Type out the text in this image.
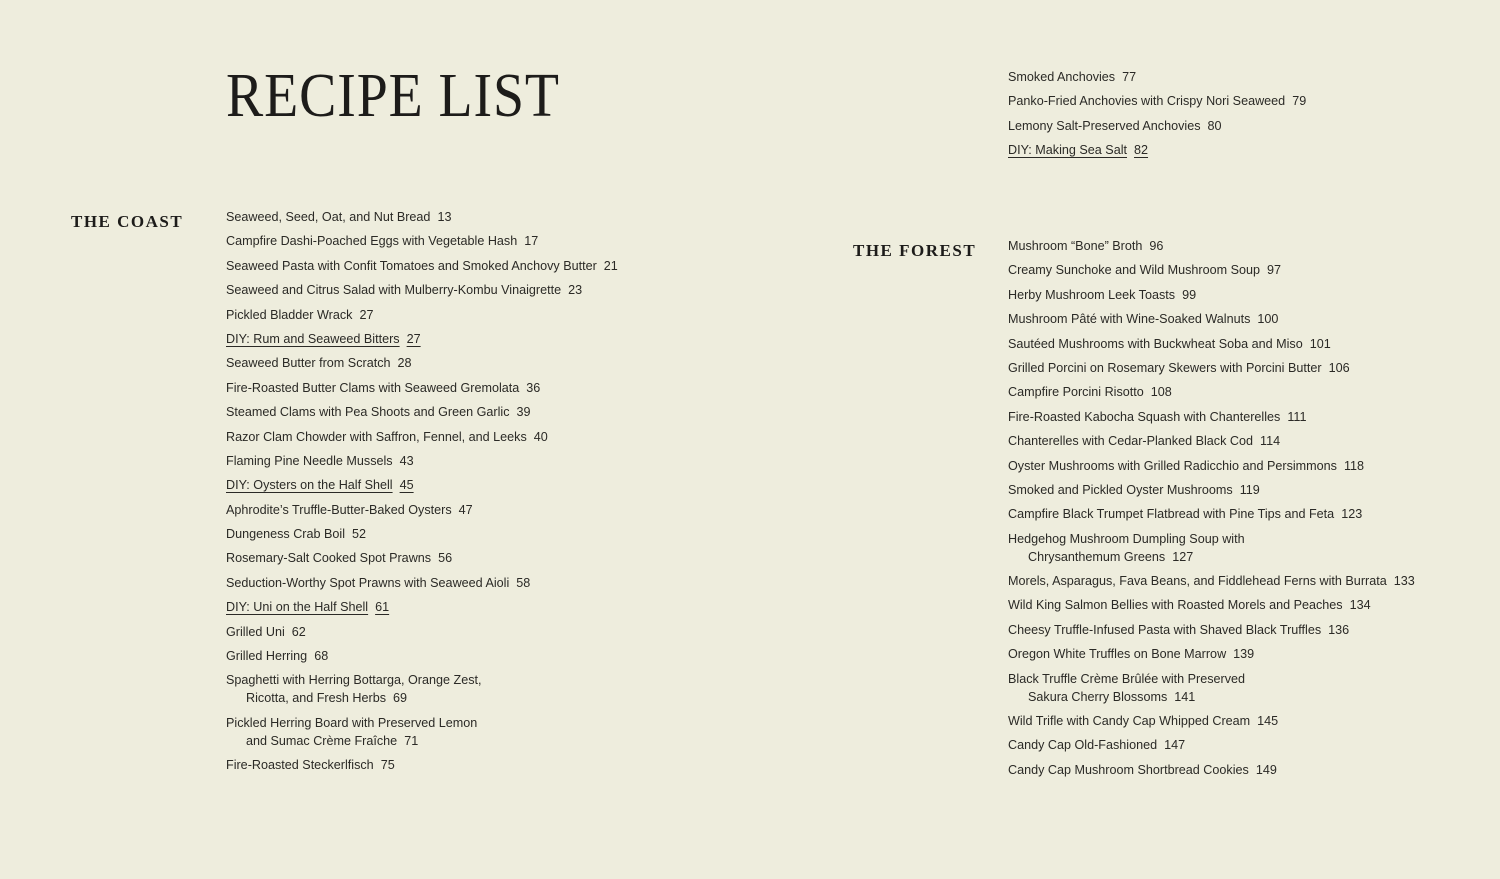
RECIPE LIST
THE COAST	Seaweed, Seed, Oat, and Nut Bread 13
Campfire Dashi-Poached Eggs with Vegetable Hash 17
Seaweed Pasta with Confit Tomatoes and Smoked Anchovy Butter 21
Seaweed and Citrus Salad with Mulberry-Kombu Vinaigrette 23
Pickled Bladder Wrack 27
DIY: Rum and Seaweed Bitters 27
Seaweed Butter from Scratch 28
Fire-Roasted Butter Clams with Seaweed Gremolata 36
Steamed Clams with Pea Shoots and Green Garlic 39
Razor Clam Chowder with Saffron, Fennel, and Leeks 40
Flaming Pine Needle Mussels 43
DIY: Oysters on the Half Shell 45
Aphrodite’s Truffle-Butter-Baked Oysters 47
Dungeness Crab Boil 52
Rosemary-Salt Cooked Spot Prawns 56
Seduction-Worthy Spot Prawns with Seaweed Aioli 58
DIY: Uni on the Half Shell 61
Grilled Uni 62
Grilled Herring 68
Spaghetti with Herring Bottarga, Orange Zest,
Ricotta, and Fresh Herbs 69
Pickled Herring Board with Preserved Lemon
and Sumac Crème Fraîche 71
Fire-Roasted Steckerlfisch 75
Smoked Anchovies 77
Panko-Fried Anchovies with Crispy Nori Seaweed 79
Lemony Salt-Preserved Anchovies 80
DIY: Making Sea Salt 82
THE FOREST	Mushroom “Bone” Broth 96
Creamy Sunchoke and Wild Mushroom Soup 97
Herby Mushroom Leek Toasts 99
Mushroom Pâté with Wine-Soaked Walnuts 100
Sautéed Mushrooms with Buckwheat Soba and Miso 101
Grilled Porcini on Rosemary Skewers with Porcini Butter 106
Campfire Porcini Risotto 108
Fire-Roasted Kabocha Squash with Chanterelles 111
Chanterelles with Cedar-Planked Black Cod 114
Oyster Mushrooms with Grilled Radicchio and Persimmons 118
Smoked and Pickled Oyster Mushrooms 119
Campfire Black Trumpet Flatbread with Pine Tips and Feta 123
Hedgehog Mushroom Dumpling Soup with
Chrysanthemum Greens 127
Morels, Asparagus, Fava Beans, and Fiddlehead Ferns with Burrata 133
Wild King Salmon Bellies with Roasted Morels and Peaches 134
Cheesy Truffle-Infused Pasta with Shaved Black Truffles 136
Oregon White Truffles on Bone Marrow 139
Black Truffle Crème Brûlée with Preserved
Sakura Cherry Blossoms 141
Wild Trifle with Candy Cap Whipped Cream 145
Candy Cap Old-Fashioned 147
Candy Cap Mushroom Shortbread Cookies 149
